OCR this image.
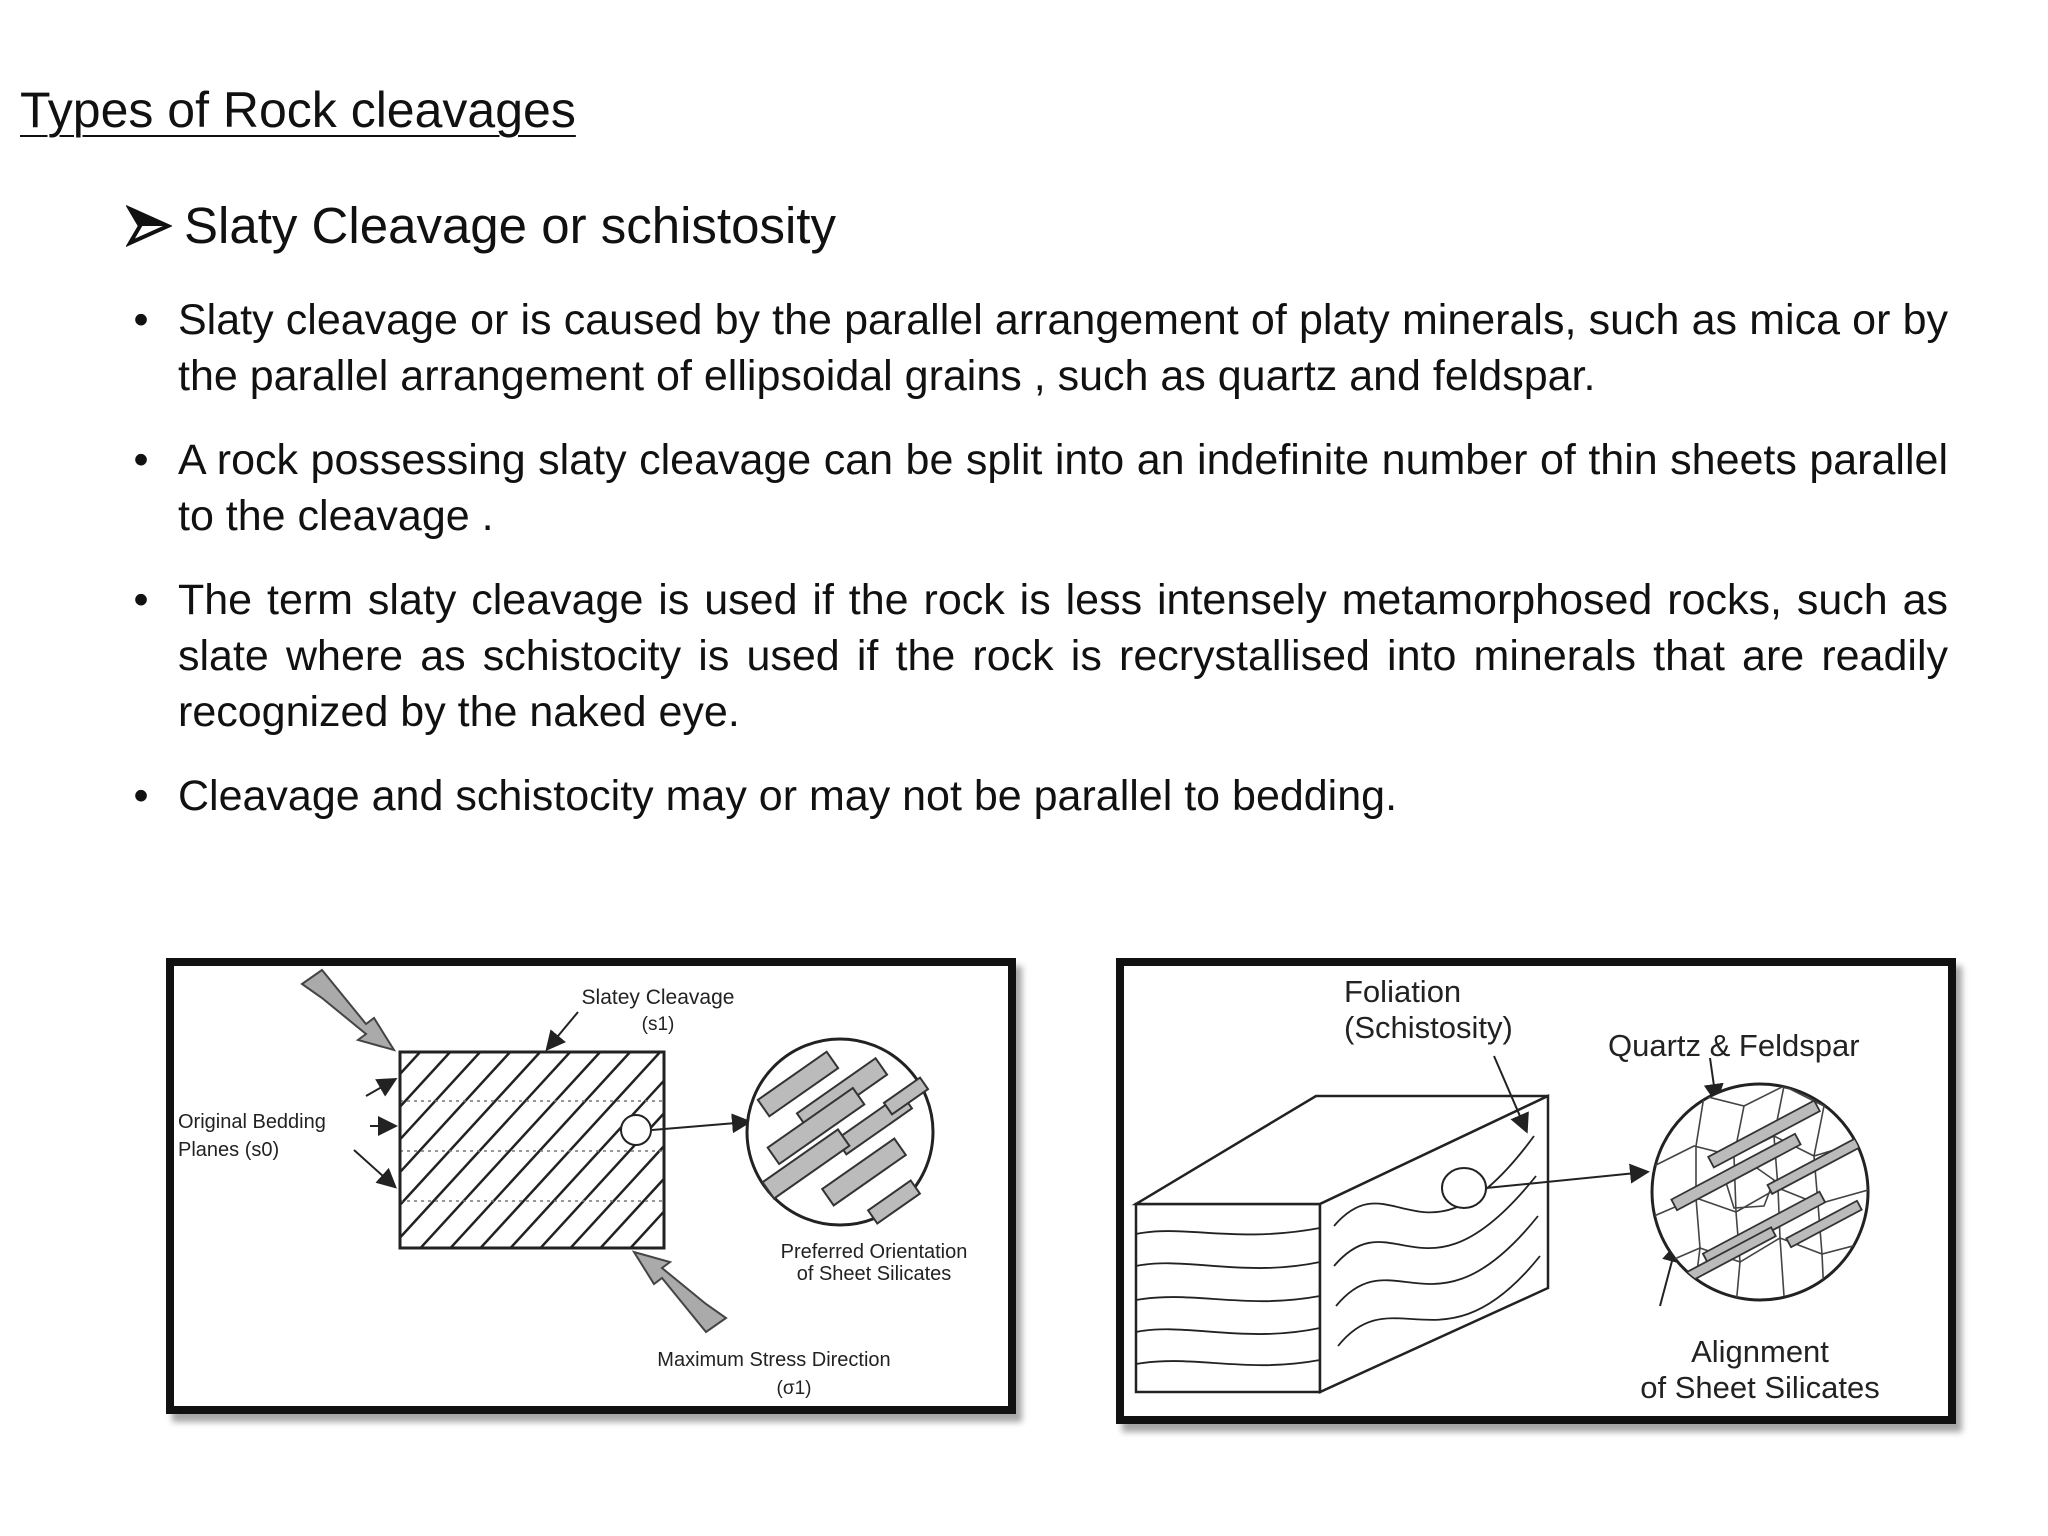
Types of Rock cleavages
Slaty Cleavage or schistosity
• Slaty cleavage or is caused by the parallel arrangement of platy minerals, such as mica or by the parallel arrangement of ellipsoidal grains , such as quartz and feldspar.
• A rock possessing slaty cleavage can be split into an indefinite number of thin sheets parallel to the cleavage .
• The term slaty cleavage is used if the rock is less intensely metamorphosed rocks, such as slate where as schistocity is used if the rock is recrystallised into minerals that are readily recognized by the naked eye.
• Cleavage and schistocity may or may not be parallel to bedding.
Slatey Cleavage
(s1)
Original Bedding
Planes (s0)
Preferred Orientation
of Sheet Silicates
Maximum Stress Direction
(σ1)
Foliation
(Schistosity)
Quartz & Feldspar
Alignment
of Sheet Silicates
